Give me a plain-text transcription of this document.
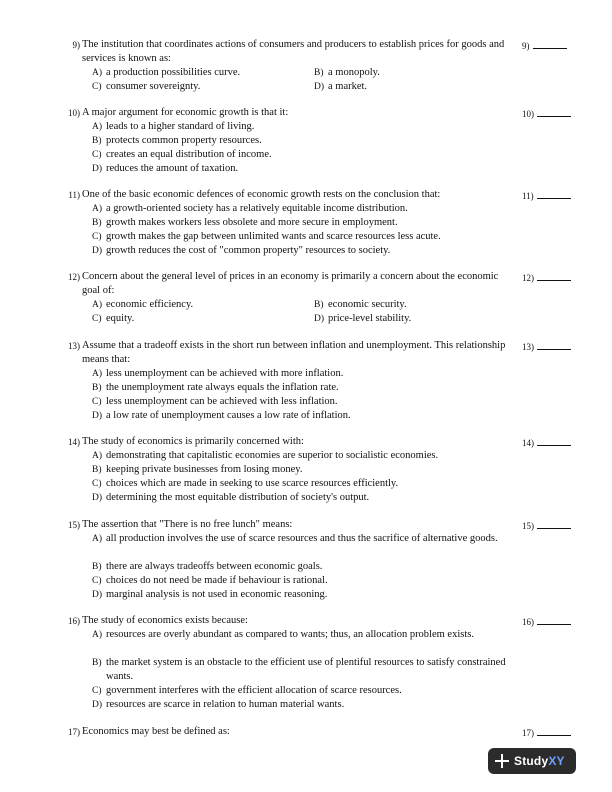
9) The institution that coordinates actions of consumers and producers to establish prices for goods and services is known as:
9)
A) a production possibilities curve.	B) a monopoly.
C) consumer sovereignty.	D) a market.
10) A major argument for economic growth is that it:	10)
A) leads to a higher standard of living.
B) protects common property resources.
C) creates an equal distribution of income.
D) reduces the amount of taxation.
11) One of the basic economic defences of economic growth rests on the conclusion that:	11)
A) a growth-oriented society has a relatively equitable income distribution.
B) growth makes workers less obsolete and more secure in employment.
C) growth makes the gap between unlimited wants and scarce resources less acute.
D) growth reduces the cost of "common property" resources to society.
12) Concern about the general level of prices in an economy is primarily a concern about the economic goal of:
12)
A) economic efficiency.	B) economic security.
C) equity.	D) price-level stability.
13) Assume that a tradeoff exists in the short run between inflation and unemployment. This relationship means that:
13)
A) less unemployment can be achieved with more inflation.
B) the unemployment rate always equals the inflation rate.
C) less unemployment can be achieved with less inflation.
D) a low rate of unemployment causes a low rate of inflation.
14) The study of economics is primarily concerned with:	14)
A) demonstrating that capitalistic economies are superior to socialistic economies.
B) keeping private businesses from losing money.
C) choices which are made in seeking to use scarce resources efficiently.
D) determining the most equitable distribution of society's output.
15) The assertion that "There is no free lunch" means:	15)
A) all production involves the use of scarce resources and thus the sacrifice of alternative goods.
B) there are always tradeoffs between economic goals.
C) choices do not need be made if behaviour is rational.
D) marginal analysis is not used in economic reasoning.
16) The study of economics exists because:	16)
A) resources are overly abundant as compared to wants; thus, an allocation problem exists.
B) the market system is an obstacle to the efficient use of plentiful resources to satisfy constrained wants.
C) government interferes with the efficient allocation of scarce resources.
D) resources are scarce in relation to human material wants.
17) Economics may best be defined as:	17)
StudyXY
